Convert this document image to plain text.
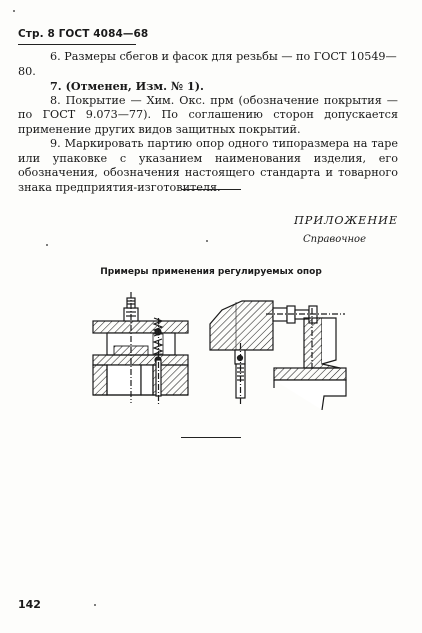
Стр. 8 ГОСТ 4084—68

6. Размеры сбегов и фасок для резьбы — по ГОСТ 10549—80.

7. (Отменен, Изм. № 1).

8. Покрытие — Хим. Окс. прм (обозначение покрытия — по ГОСТ 9.073—77). По соглашению сторон допускается применение других видов защитных покрытий.

9. Маркировать партию опор одного типоразмера на таре или упаковке с указанием наименования изделия, его обозначения, обозначения настоящего стандарта и товарного знака предприятия-изготовителя.

ПРИЛОЖЕНИЕ
Справочное
Примеры применения регулируемых опор
142
